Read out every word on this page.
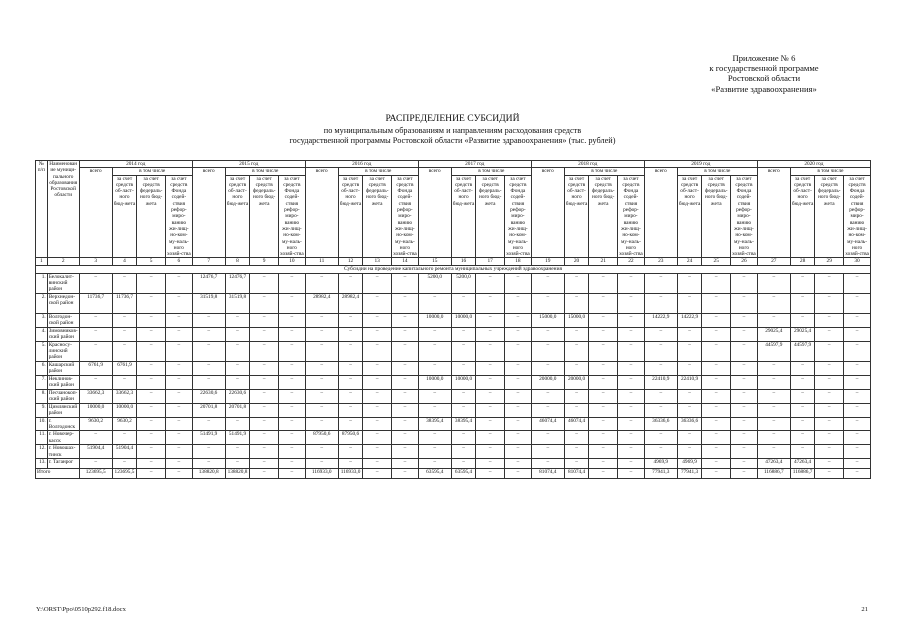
Приложение № 6
к государственной программе
Ростовской области
«Развитие здравоохранения»
РАСПРЕДЕЛЕНИЕ СУБСИДИЙ
по муниципальным образованиям и направлениям расходования средств
государственной программы Ростовской области «Развитие здравоохранения» (тыс. рублей)
№ п/п	Наименование муници-пального образования Ростовской области	2014 год				2015 год				2016 год				2017 год				2018 год				2019 год				2020 год			
		всего	в том числе			всего	в том числе			всего	в том числе			всего	в том числе			всего	в том числе			всего	в том числе			всего	в том числе		
			за счет средств об-ласт-ного бюд-жета	за счет средств федераль-ного бюд-жета	за счет средств Фонда содей-ствия рефор-миро-ванию жи-лищ-но-ком-му-наль-ного хозяй-ства		за счет средств об-ласт-ного бюд-жета	за счет средств федераль-ного бюд-жета	за счет средств Фонда содей-ствия рефор-миро-ванию жи-лищ-но-ком-му-наль-ного хозяй-ства		за счет средств об-ласт-ного бюд-жета	за счет средств федераль-ного бюд-жета	за счет средств Фонда содей-ствия рефор-миро-ванию жи-лищ-но-ком-му-наль-ного хозяй-ства		за счет средств об-ласт-ного бюд-жета	за счет средств федераль-ного бюд-жета	за счет средств Фонда содей-ствия рефор-миро-ванию жи-лищ-но-ком-му-наль-ного хозяй-ства		за счет средств об-ласт-ного бюд-жета	за счет средств федераль-ного бюд-жета	за счет средств Фонда содей-ствия рефор-миро-ванию жи-лищ-но-ком-му-наль-ного хозяй-ства		за счет средств об-ласт-ного бюд-жета	за счет средств федераль-ного бюд-жета	за счет средств Фонда содей-ствия рефор-миро-ванию жи-лищ-но-ком-му-наль-ного хозяй-ства		за счет средств об-ласт-ного бюд-жета	за счет средств федераль-ного бюд-жета	за счет средств Фонда содей-ствия рефор-миро-ванию жи-лищ-но-ком-му-наль-ного хозяй-ства
1	2	3	4	5	6	7	8	9	10	11	12	13	14	15	16	17	18	19	20	21	22	23	24	25	26	27	28	29	30
Субсидии на проведение капитального ремонта муниципальных учреждений здравоохранения																													
1.	Белокалит-винский район	–	–	–	–	12476,7	12476,7	–	–	–	–	–	–	5200,0	5200,0	–	–	–	–	–	–	–	–	–	–	–	–	–	–
2.	Верхнедон-ской район	11736,7	11736,7	–	–	31519,8	31519,8	–	–	28982,4	28982,4	–	–	–	–	–	–	–	–	–	–	–	–	–	–	–	–	–	–
3.	Волгодон-ской район	–	–	–	–	–	–	–	–	–	–	–	–	10000,0	10000,0	–	–	15000,0	15000,0	–	–	14222,9	14222,9	–	–	–	–	–	–
4.	Зимовников-ский район	–	–	–	–	–	–	–	–	–	–	–	–	–	–	–	–	–	–	–	–	–	–	–	–	29025,4	29025,4	–	–
5.	Красносу-линский район	–	–	–	–	–	–	–	–	–	–	–	–	–	–	–	–	–	–	–	–	–	–	–	–	44597,9	44597,9	–	–
6.	Кашарский район	6761,9	6761,9	–	–	–	–	–	–	–	–	–	–	–	–	–	–	–	–	–	–	–	–	–	–	–	–	–	–
7.	Неклинов-ский район	–	–	–	–	–	–	–	–	–	–	–	–	10000,0	10000,0	–	–	20000,0	20000,0	–	–	22410,9	22410,9	–	–	–	–	–	–
8.	Песчанокоп-ский район	33662,3	33662,3	–	–	22630,6	22630,6	–	–	–	–	–	–	–	–	–	–	–	–	–	–	–	–	–	–	–	–	–	–
9.	Цимлянский район	10000,0	10000,0	–	–	20701,8	20701,8	–	–	–	–	–	–	–	–	–	–	–	–	–	–	–	–	–	–	–	–	–	–
10.	г. Волгодонск	9630,2	9630,2	–	–	–	–	–	–	–	–	–	–	38395,4	38395,4	–	–	46074,4	46074,4	–	–	36336,6	36336,6	–	–	–	–	–	–
11.	г. Новочер-касск	–	–	–	–	51491,9	51491,9	–	–	87950,6	87950,6	–	–	–	–	–	–	–	–	–	–	–	–	–	–	–	–	–	–
12.	г. Новошах-тинск	51904,4	51904,4	–	–	–	–	–	–	–	–	–	–	–	–	–	–	–	–	–	–	–	–	–	–	–	–	–	–
13.	г. Таганрог	–	–	–	–	–	–	–	–	–	–	–	–	–	–	–	–	–	–	–	–	4969,9	4969,9	–	–	47263,4	47263,4	–	–
Итого		123695,5	123695,5	–	–	138820,8	138820,8	–	–	116933,0	116933,0	–	–	63595,4	63595,4	–	–	81074,4	81074,4	–	–	77941,3	77941,3	–	–	116886,7	116886,7	–	–
Y:\ORST\Ppo\0510p292.f18.docx	21
